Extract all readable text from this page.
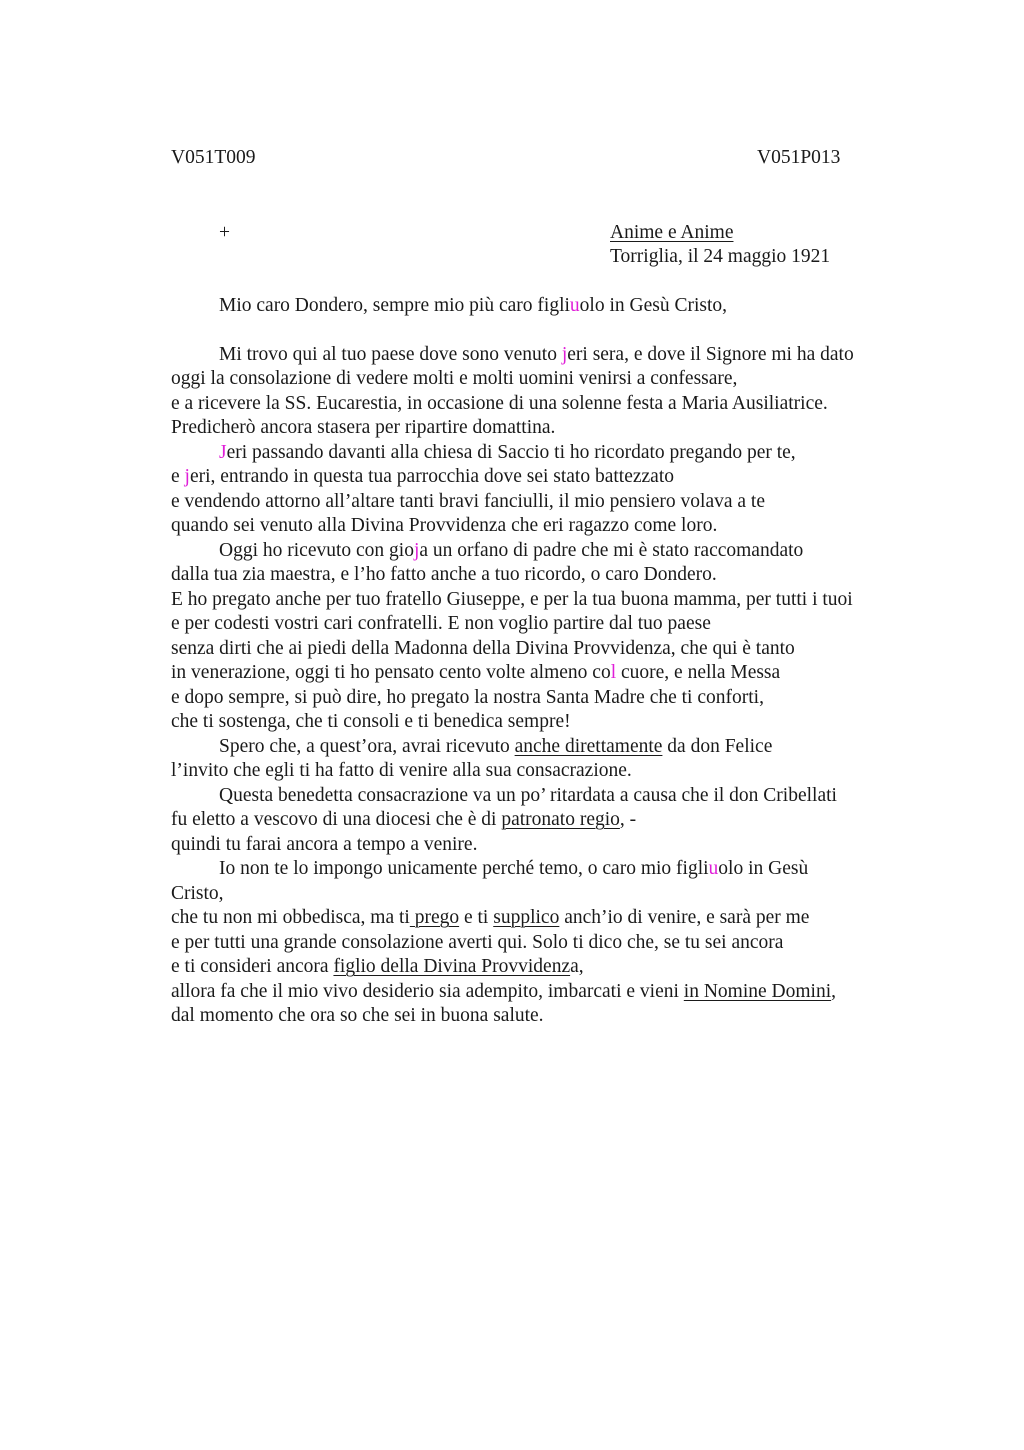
V051T009	V051P013
+	Anime e Anime
Torriglia, il 24 maggio 1921
Mio caro Dondero, sempre mio più caro figliuolo in Gesù Cristo,
Mi trovo qui al tuo paese dove sono venuto jeri sera, e dove il Signore mi ha dato
oggi la consolazione di vedere molti e molti uomini venirsi a confessare,
e a ricevere la SS. Eucarestia, in occasione di una solenne festa a Maria Ausiliatrice.
Predicherò ancora stasera per ripartire domattina.
Jeri passando davanti alla chiesa di Saccio ti ho ricordato pregando per te,
e jeri, entrando in questa tua parrocchia dove sei stato battezzato
e vendendo attorno all’altare tanti bravi fanciulli, il mio pensiero volava a te
quando sei venuto alla Divina Provvidenza che eri ragazzo come loro.
Oggi ho ricevuto con gioja un orfano di padre che mi è stato raccomandato
dalla tua zia maestra, e l’ho fatto anche a tuo ricordo, o caro Dondero.
E ho pregato anche per tuo fratello Giuseppe, e per la tua buona mamma, per tutti i tuoi
e per codesti vostri cari confratelli. E non voglio partire dal tuo paese
senza dirti che ai piedi della Madonna della Divina Provvidenza, che qui è tanto
in venerazione, oggi ti ho pensato cento volte almeno col cuore, e nella Messa
e dopo sempre, si può dire, ho pregato la nostra Santa Madre che ti conforti,
che ti sostenga, che ti consoli e ti benedica sempre!
Spero che, a quest’ora, avrai ricevuto anche direttamente da don Felice
l’invito che egli ti ha fatto di venire alla sua consacrazione.
Questa benedetta consacrazione va un po’ ritardata a causa che il don Cribellati
fu eletto a vescovo di una diocesi che è di patronato regio, -
quindi tu farai ancora a tempo a venire.
Io non te lo impongo unicamente perché temo, o caro mio figliuolo in Gesù
Cristo,
che tu non mi obbedisca, ma ti prego e ti supplico anch’io di venire, e sarà per me
e per tutti una grande consolazione averti qui. Solo ti dico che, se tu sei ancora
e ti consideri ancora figlio della Divina Provvidenza,
allora fa che il mio vivo desiderio sia adempito, imbarcati e vieni in Nomine Domini,
dal momento che ora so che sei in buona salute.
